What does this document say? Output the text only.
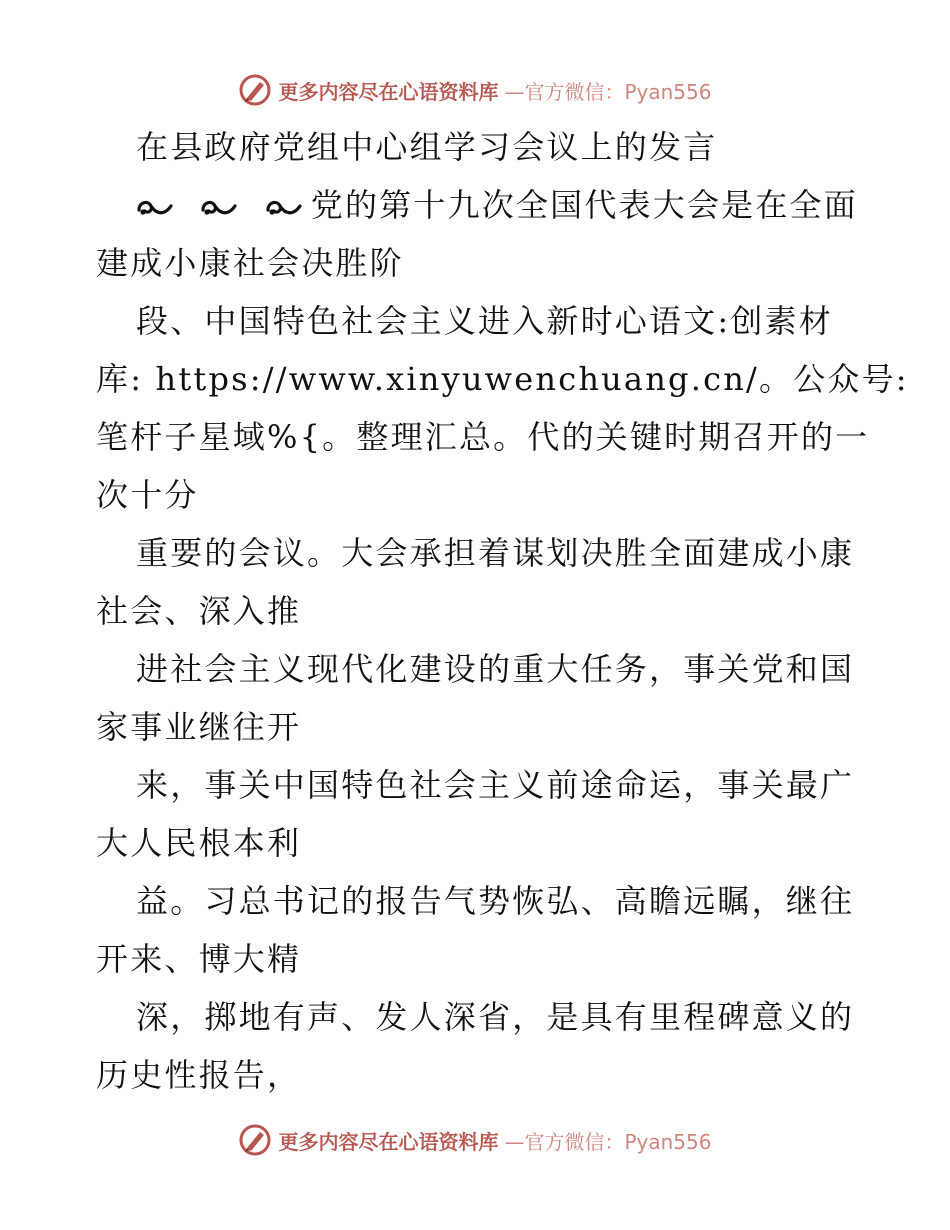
更多内容尽在心语资料库 —官方微信：Pyan556
在县政府党组中心组学习会议上的发言
党的第十九次全国代表大会是在全面
建成小康社会决胜阶
段、中国特色社会主义进入新时心语文:创素材
库: https://www.xinyuwenchuang.cn/。公众号:
笔杆子星域%{。整理汇总。代的关键时期召开的一
次十分
重要的会议。大会承担着谋划决胜全面建成小康
社会、深入推
进社会主义现代化建设的重大任务，事关党和国
家事业继往开
来，事关中国特色社会主义前途命运，事关最广
大人民根本利
益。习总书记的报告气势恢弘、高瞻远瞩，继往
开来、博大精
深，掷地有声、发人深省，是具有里程碑意义的
历史性报告，
更多内容尽在心语资料库 —官方微信：Pyan556
